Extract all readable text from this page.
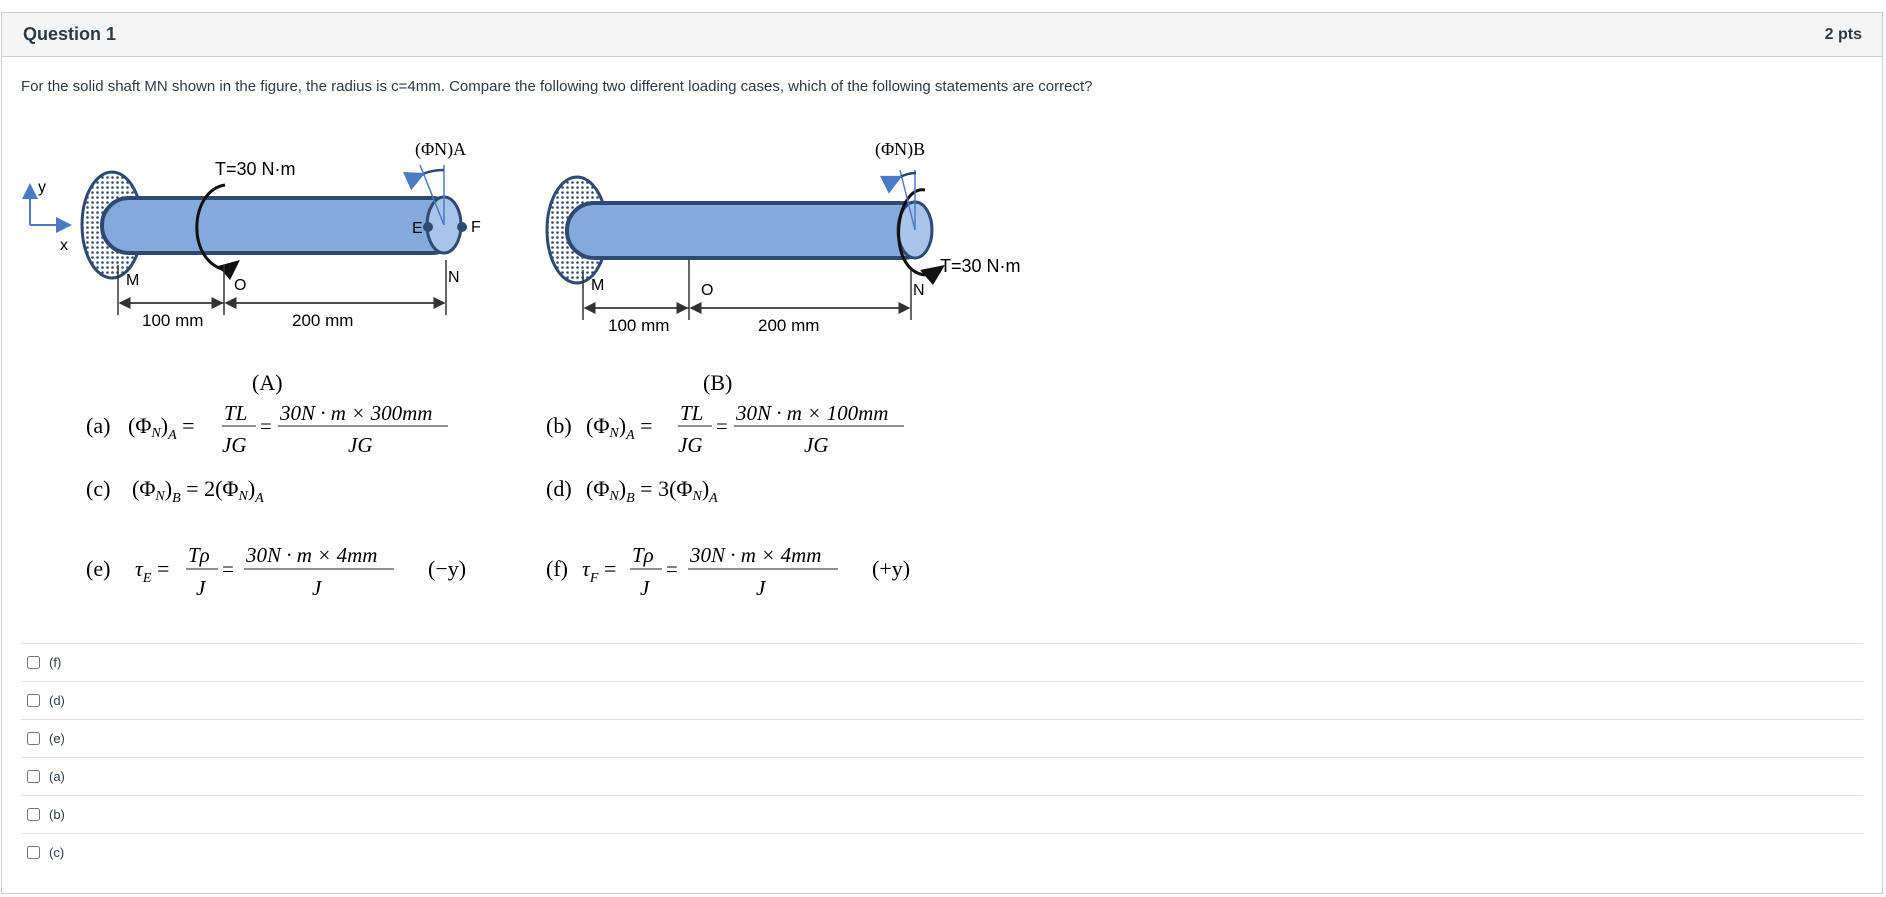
Question 1	2 pts
For the solid shaft MN shown in the figure, the radius is c=4mm. Compare the following two different loading cases, which of the following statements are correct?
y
x
T=30 N·m
(ΦN)A
E	F
M	O	N
100 mm	200 mm
T=30 N·m
(ΦN)B
M	O	N
100 mm	200 mm
(A)	(B)
(a) $(\Phi N)_A$ = TL
JG
=
30N · m × 300mm
JG
(b) $(\Phi N)_A$ = TL
JG
=
30N · m × 100mm
JG
(c) $(\Phi N)_B = 2(\Phi N)_A$	(d) $(\Phi N)_B = 3(\Phi N)_A$
(e) $\tau_E$ =
Tρ
J
=
30N · m × 4mm
J
(−y)	(f) $\tau_F$ =
Tρ
J
=
30N · m × 4mm
J
(+y)
(f)
(d)
(e)
(a)
(b)
(c)
